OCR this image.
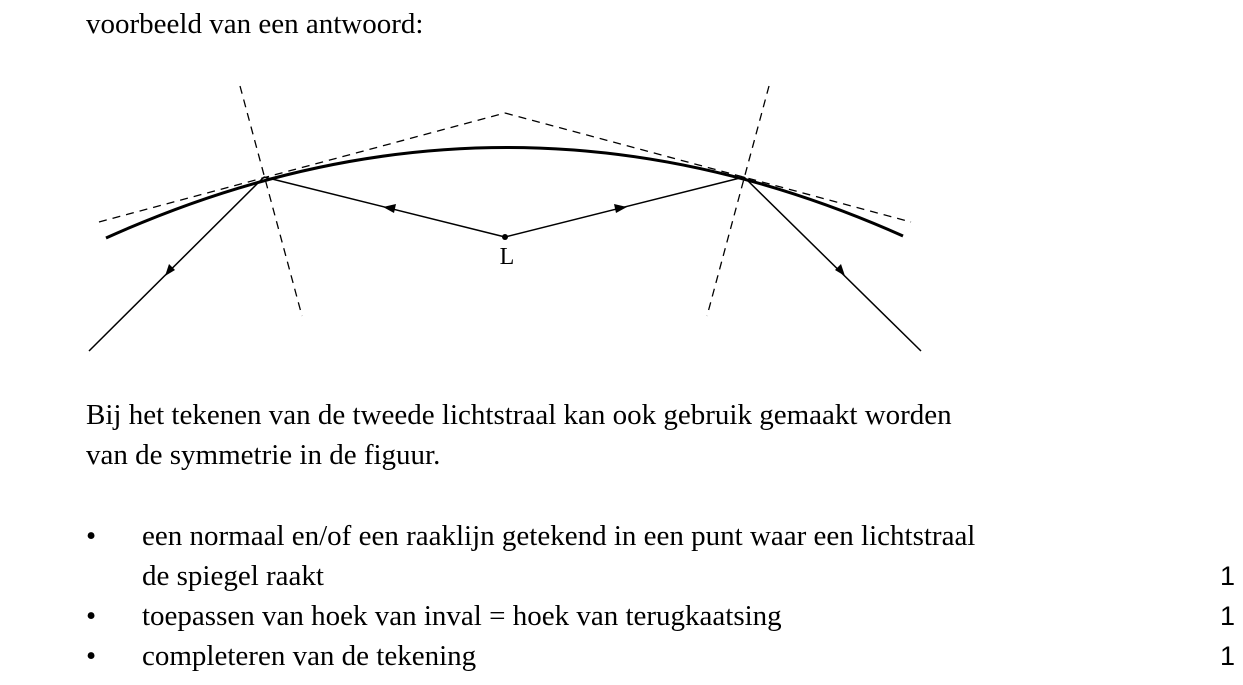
voorbeeld van een antwoord:
L
Bij het tekenen van de tweede lichtstraal kan ook gebruik gemaakt worden
van de symmetrie in de figuur.
• een normaal en/of een raaklijn getekend in een punt waar een lichtstraal
de spiegel raakt	1
• toepassen van hoek van inval = hoek van terugkaatsing	1
• completeren van de tekening	1
